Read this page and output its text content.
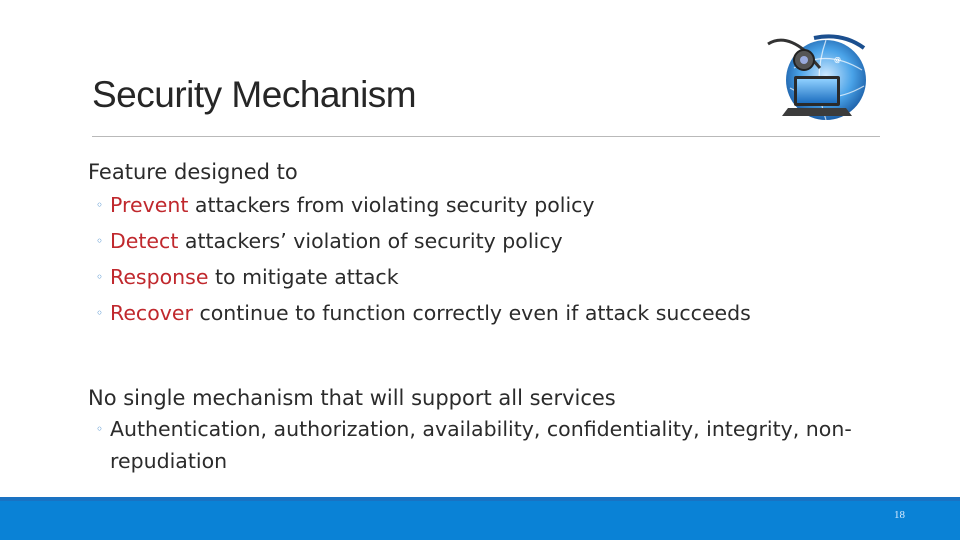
Security Mechanism
@

Feature designed to

◦ Prevent attackers from violating security policy
◦ Detect attackers’ violation of security policy
◦ Response to mitigate attack
◦ Recover continue to function correctly even if attack succeeds

No single mechanism that will support all services

◦ Authentication, authorization, availability, confidentiality, integrity, non-repudiation
18
